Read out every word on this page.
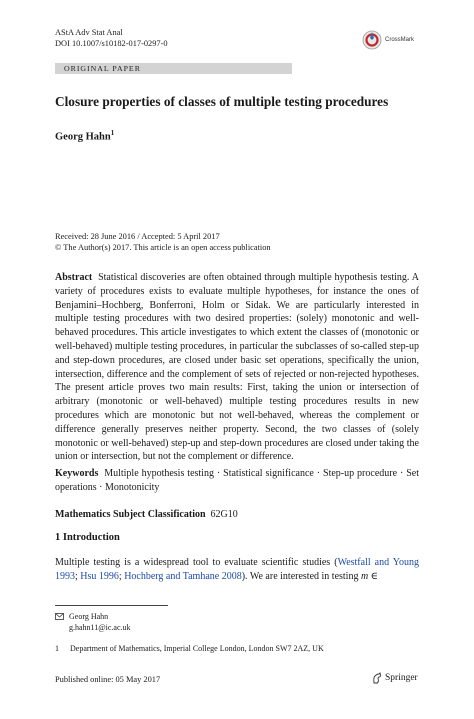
AStA Adv Stat Anal
DOI 10.1007/s10182-017-0297-0	CrossMark
ORIGINAL PAPER
Closure properties of classes of multiple testing procedures
Georg Hahn$^1$
Received: 28 June 2016 / Accepted: 5 April 2017
© The Author(s) 2017. This article is an open access publication
Abstract Statistical discoveries are often obtained through multiple hypothesis testing. A variety of procedures exists to evaluate multiple hypotheses, for instance the ones of Benjamini–Hochberg, Bonferroni, Holm or Sidak. We are particularly interested in multiple testing procedures with two desired properties: (solely) monotonic and well-behaved procedures. This article investigates to which extent the classes of (monotonic or well-behaved) multiple testing procedures, in particular the subclasses of so-called step-up and step-down procedures, are closed under basic set operations, specifically the union, intersection, difference and the complement of sets of rejected or non-rejected hypotheses. The present article proves two main results: First, taking the union or intersection of arbitrary (monotonic or well-behaved) multiple testing procedures results in new procedures which are monotonic but not well-behaved, whereas the complement or difference generally preserves neither property. Second, the two classes of (solely monotonic or well-behaved) step-up and step-down procedures are closed under taking the union or intersection, but not the complement or difference.
Keywords Multiple hypothesis testing · Statistical significance · Step-up procedure · Set operations · Monotonicity
Mathematics Subject Classification 62G10
1 Introduction
Multiple testing is a widespread tool to evaluate scientific studies (Westfall and Young 1993; Hsu 1996; Hochberg and Tamhane 2008). We are interested in testing m ∈
Georg Hahn
g.hahn11@ic.ac.uk
1 Department of Mathematics, Imperial College London, London SW7 2AZ, UK
Published online: 05 May 2017	Springer
